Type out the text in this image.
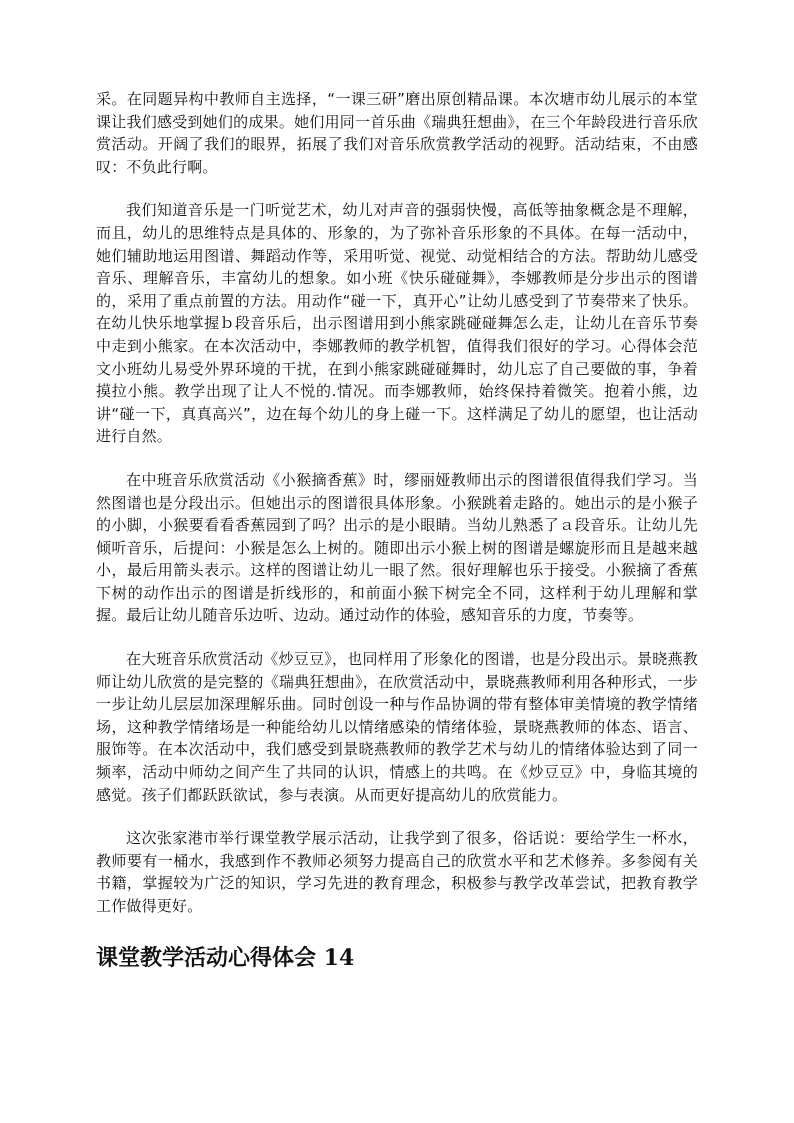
采。在同题异构中教师自主选择，“一课三研”磨出原创精品课。本次塘市幼儿展示的本堂课让我们感受到她们的成果。她们用同一首乐曲《瑞典狂想曲》，在三个年龄段进行音乐欣赏活动。开阔了我们的眼界，拓展了我们对音乐欣赏教学活动的视野。活动结束，不由感叹：不负此行啊。

我们知道音乐是一门听觉艺术，幼儿对声音的强弱快慢，高低等抽象概念是不理解，而且，幼儿的思维特点是具体的、形象的，为了弥补音乐形象的不具体。在每一活动中，她们辅助地运用图谱、舞蹈动作等，采用听觉、视觉、动觉相结合的方法。帮助幼儿感受音乐、理解音乐，丰富幼儿的想象。如小班《快乐碰碰舞》，李娜教师是分步出示的图谱的，采用了重点前置的方法。用动作“碰一下，真开心”让幼儿感受到了节奏带来了快乐。在幼儿快乐地掌握ｂ段音乐后，出示图谱用到小熊家跳碰碰舞怎么走，让幼儿在音乐节奏中走到小熊家。在本次活动中，李娜教师的教学机智，值得我们很好的学习。心得体会范文小班幼儿易受外界环境的干扰，在到小熊家跳碰碰舞时，幼儿忘了自己要做的事，争着摸拉小熊。教学出现了让人不悦的.情况。而李娜教师，始终保持着微笑。抱着小熊，边讲“碰一下，真真高兴”，边在每个幼儿的身上碰一下。这样满足了幼儿的愿望，也让活动进行自然。

在中班音乐欣赏活动《小猴摘香蕉》时，缪丽娅教师出示的图谱很值得我们学习。当然图谱也是分段出示。但她出示的图谱很具体形象。小猴跳着走路的。她出示的是小猴子的小脚，小猴要看看香蕉园到了吗？出示的是小眼睛。当幼儿熟悉了ａ段音乐。让幼儿先倾听音乐，后提问：小猴是怎么上树的。随即出示小猴上树的图谱是螺旋形而且是越来越小，最后用箭头表示。这样的图谱让幼儿一眼了然。很好理解也乐于接受。小猴摘了香蕉下树的动作出示的图谱是折线形的，和前面小猴下树完全不同，这样利于幼儿理解和掌握。最后让幼儿随音乐边听、边动。通过动作的体验，感知音乐的力度，节奏等。

在大班音乐欣赏活动《炒豆豆》，也同样用了形象化的图谱，也是分段出示。景晓燕教师让幼儿欣赏的是完整的《瑞典狂想曲》，在欣赏活动中，景晓燕教师利用各种形式，一步一步让幼儿层层加深理解乐曲。同时创设一种与作品协调的带有整体审美情境的教学情绪场，这种教学情绪场是一种能给幼儿以情绪感染的情绪体验，景晓燕教师的体态、语言、服饰等。在本次活动中，我们感受到景晓燕教师的教学艺术与幼儿的情绪体验达到了同一频率，活动中师幼之间产生了共同的认识，情感上的共鸣。在《炒豆豆》中，身临其境的感觉。孩子们都跃跃欲试，参与表演。从而更好提高幼儿的欣赏能力。

这次张家港市举行课堂教学展示活动，让我学到了很多，俗话说：要给学生一杯水，教师要有一桶水，我感到作不教师必须努力提高自己的欣赏水平和艺术修养。多参阅有关书籍，掌握较为广泛的知识，学习先进的教育理念，积极参与教学改革尝试，把教育教学工作做得更好。

课堂教学活动心得体会 14
